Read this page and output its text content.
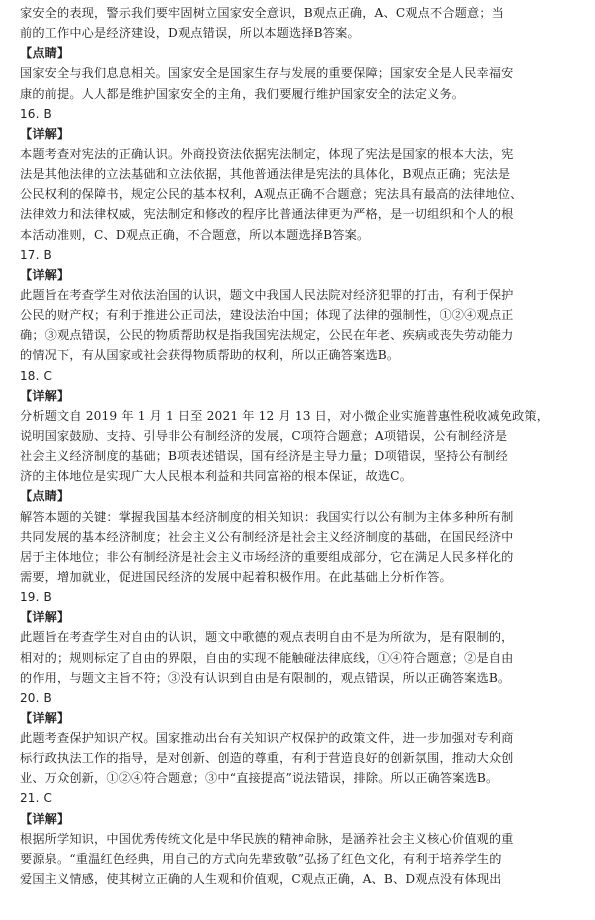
家安全的表现，警示我们要牢固树立国家安全意识，B观点正确，A、C观点不合题意；当
前的工作中心是经济建设，D观点错误，所以本题选择B答案。
【点睛】
国家安全与我们息息相关。国家安全是国家生存与发展的重要保障；国家安全是人民幸福安
康的前提。人人都是维护国家安全的主角，我们要履行维护国家安全的法定义务。
16. B
【详解】
本题考查对宪法的正确认识。外商投资法依据宪法制定，体现了宪法是国家的根本大法，宪
法是其他法律的立法基础和立法依据，其他普通法律是宪法的具体化，B观点正确；宪法是
公民权利的保障书，规定公民的基本权利，A观点正确不合题意；宪法具有最高的法律地位、
法律效力和法律权威，宪法制定和修改的程序比普通法律更为严格，是一切组织和个人的根
本活动准则，C、D观点正确，不合题意，所以本题选择B答案。
17. B
【详解】
此题旨在考查学生对依法治国的认识，题文中我国人民法院对经济犯罪的打击，有利于保护
公民的财产权；有利于推进公正司法，建设法治中国；体现了法律的强制性，①②④观点正
确；③观点错误，公民的物质帮助权是指我国宪法规定，公民在年老、疾病或丧失劳动能力
的情况下，有从国家或社会获得物质帮助的权利，所以正确答案选B。
18. C
【详解】
分析题文自 2019 年 1 月 1 日至 2021 年 12 月 13 日，对小微企业实施普惠性税收减免政策，
说明国家鼓励、支持、引导非公有制经济的发展，C项符合题意；A项错误，公有制经济是
社会主义经济制度的基础；B项表述错误，国有经济是主导力量；D项错误，坚持公有制经
济的主体地位是实现广大人民根本利益和共同富裕的根本保证，故选C。
【点睛】
解答本题的关键：掌握我国基本经济制度的相关知识：我国实行以公有制为主体多种所有制
共同发展的基本经济制度；社会主义公有制经济是社会主义经济制度的基础，在国民经济中
居于主体地位；非公有制经济是社会主义市场经济的重要组成部分，它在满足人民多样化的
需要，增加就业，促进国民经济的发展中起着积极作用。在此基础上分析作答。
19. B
【详解】
此题旨在考查学生对自由的认识，题文中歌德的观点表明自由不是为所欲为，是有限制的，
相对的；规则标定了自由的界限，自由的实现不能触碰法律底线，①④符合题意；②是自由
的作用，与题文主旨不符；③没有认识到自由是有限制的，观点错误，所以正确答案选B。
20. B
【详解】
此题考查保护知识产权。国家推动出台有关知识产权保护的政策文件，进一步加强对专利商
标行政执法工作的指导，是对创新、创造的尊重，有利于营造良好的创新氛围，推动大众创
业、万众创新，①②④符合题意；③中“直接提高”说法错误，排除。所以正确答案选B。
21. C
【详解】
根据所学知识，中国优秀传统文化是中华民族的精神命脉，是涵养社会主义核心价值观的重
要源泉。“重温红色经典，用自己的方式向先辈致敬”弘扬了红色文化，有利于培养学生的
爱国主义情感，使其树立正确的人生观和价值观，C观点正确，A、B、D观点没有体现出
